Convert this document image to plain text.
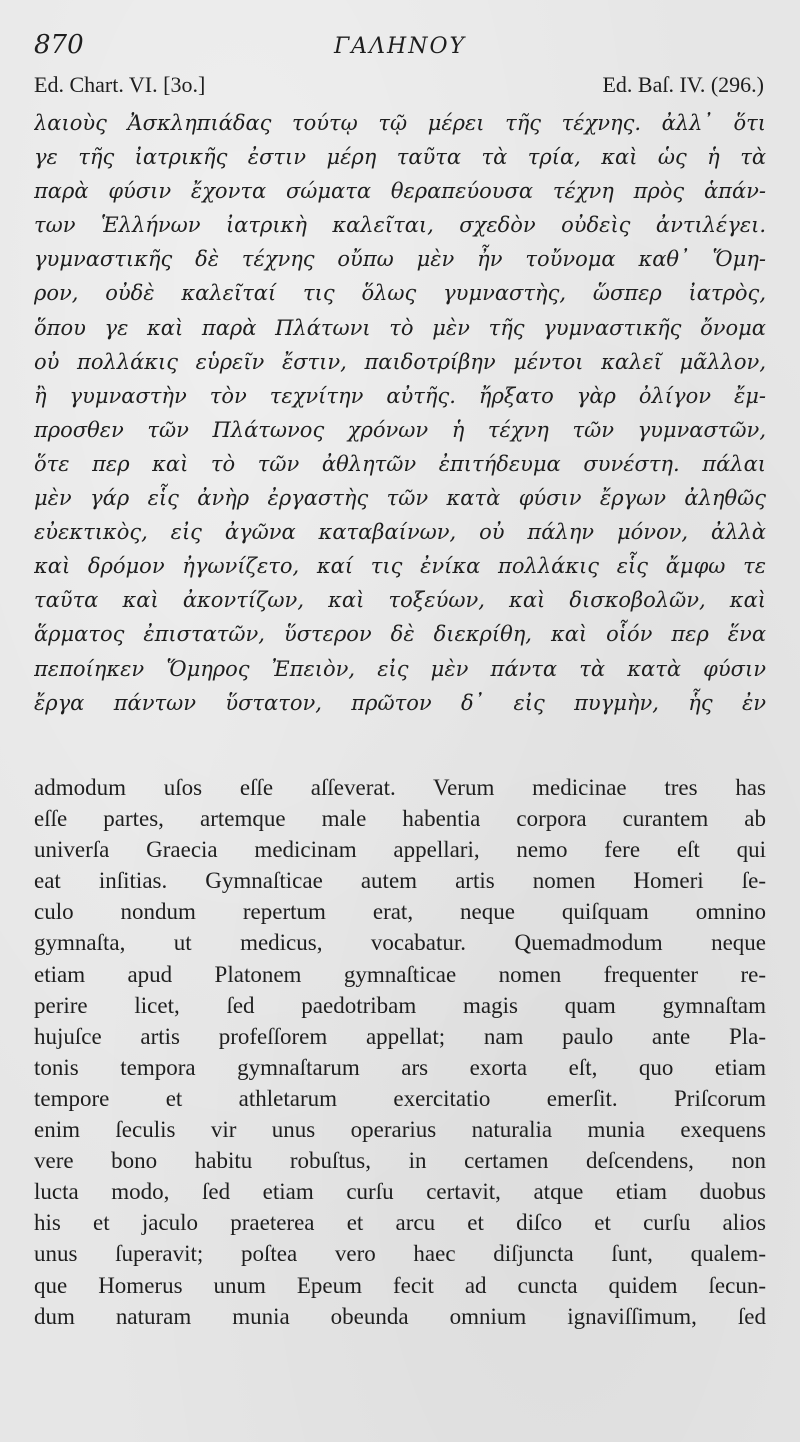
870	ΓΑΛΗΝΟΥ
Ed. Chart. VI. [3o.]	Ed. Baſ. IV. (296.)
λαιοὺς Ἀσκληπιάδας τούτῳ τῷ μέρει τῆς τέχνης. ἀλλ᾽ ὅτι
γε τῆς ἰατρικῆς ἐστιν μέρη ταῦτα τὰ τρία, καὶ ὡς ἡ τὰ
παρὰ φύσιν ἔχοντα σώματα θεραπεύουσα τέχνη πρὸς ἁπάν-
των Ἑλλήνων ἰατρικὴ καλεῖται, σχεδὸν οὐδεὶς ἀντιλέγει.
γυμναστικῆς δὲ τέχνης οὔπω μὲν ἦν τοὔνομα καθ᾽ Ὅμη-
ρον, οὐδὲ καλεῖταί τις ὅλως γυμναστὴς, ὥσπερ ἰατρὸς,
ὅπου γε καὶ παρὰ Πλάτωνι τὸ μὲν τῆς γυμναστικῆς ὄνομα
οὐ πολλάκις εὑρεῖν ἔστιν, παιδοτρίβην μέντοι καλεῖ μᾶλλον,
ἢ γυμναστὴν τὸν τεχνίτην αὐτῆς. ἤρξατο γὰρ ὀλίγον ἔμ-
προσθεν τῶν Πλάτωνος χρόνων ἡ τέχνη τῶν γυμναστῶν,
ὅτε περ καὶ τὸ τῶν ἀθλητῶν ἐπιτήδευμα συνέστη. πάλαι
μὲν γάρ εἷς ἀνὴρ ἐργαστὴς τῶν κατὰ φύσιν ἔργων ἀληθῶς
εὐεκτικὸς, εἰς ἀγῶνα καταβαίνων, οὐ πάλην μόνον, ἀλλὰ
καὶ δρόμον ἠγωνίζετο, καί τις ἐνίκα πολλάκις εἷς ἄμφω τε
ταῦτα καὶ ἀκοντίζων, καὶ τοξεύων, καὶ δισκοβολῶν, καὶ
ἅρματος ἐπιστατῶν, ὕστερον δὲ διεκρίθη, καὶ οἷόν περ ἕνα
πεποίηκεν Ὅμηρος Ἐπειὸν, εἰς μὲν πάντα τὰ κατὰ φύσιν
ἔργα πάντων ὕστατον, πρῶτον δ᾽ εἰς πυγμὴν, ἧς ἐν
admodum uſos eſſe aſſeverat. Verum medicinae tres has
eſſe partes, artemque male habentia corpora curantem ab
univerſa Graecia medicinam appellari, nemo fere eſt qui
eat inſitias. Gymnaſticae autem artis nomen Homeri ſe-
culo nondum repertum erat, neque quiſquam omnino
gymnaſta, ut medicus, vocabatur. Quemadmodum neque
etiam apud Platonem gymnaſticae nomen frequenter re-
perire licet, ſed paedotribam magis quam gymnaſtam
hujuſce artis profeſſorem appellat; nam paulo ante Pla-
tonis tempora gymnaſtarum ars exorta eſt, quo etiam
tempore et athletarum exercitatio emerſit. Priſcorum
enim ſeculis vir unus operarius naturalia munia exequens
vere bono habitu robuſtus, in certamen deſcendens, non
lucta modo, ſed etiam curſu certavit, atque etiam duobus
his et jaculo praeterea et arcu et diſco et curſu alios
unus ſuperavit; poſtea vero haec diſjuncta ſunt, qualem-
que Homerus unum Epeum fecit ad cuncta quidem ſecun-
dum naturam munia obeunda omnium ignaviſſimum, ſed
